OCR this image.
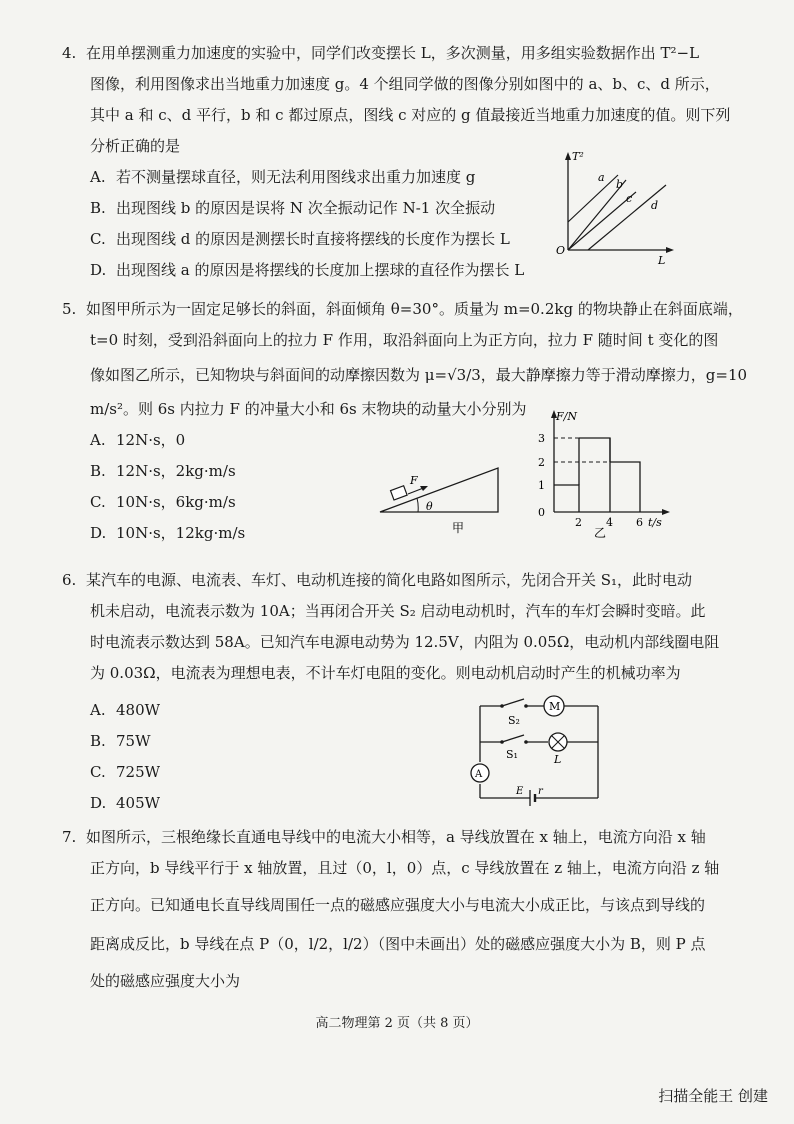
4. 在用单摆测重力加速度的实验中，同学们改变摆长 L，多次测量，用多组实验数据作出 T²−L
图像，利用图像求出当地重力加速度 g。4 个组同学做的图像分别如图中的 a、b、c、d 所示，
其中 a 和 c、d 平行，b 和 c 都过原点，图线 c 对应的 g 值最接近当地重力加速度的值。则下列
分析正确的是
A. 若不测量摆球直径，则无法利用图线求出重力加速度 g
B. 出现图线 b 的原因是误将 N 次全振动记作 N-1 次全振动
C. 出现图线 d 的原因是测摆长时直接将摆线的长度作为摆长 L
D. 出现图线 a 的原因是将摆线的长度加上摆球的直径作为摆长 L
T²
L
O
a
b
c
d
5. 如图甲所示为一固定足够长的斜面，斜面倾角 θ=30°。质量为 m=0.2kg 的物块静止在斜面底端，
t=0 时刻，受到沿斜面向上的拉力 F 作用，取沿斜面向上为正方向，拉力 F 随时间 t 变化的图
像如图乙所示，已知物块与斜面间的动摩擦因数为 μ=√3/3，最大静摩擦力等于滑动摩擦力，g=10
m/s²。则 6s 内拉力 F 的冲量大小和 6s 末物块的动量大小分别为
A. 12N·s，0
B. 12N·s，2kg·m/s
C. 10N·s，6kg·m/s
D. 10N·s，12kg·m/s
F
θ
甲
3
2
1
0
2 4 6
F/N
t/s
乙
6. 某汽车的电源、电流表、车灯、电动机连接的简化电路如图所示，先闭合开关 S₁，此时电动
机未启动，电流表示数为 10A；当再闭合开关 S₂ 启动电动机时，汽车的车灯会瞬时变暗。此
时电流表示数达到 58A。已知汽车电源电动势为 12.5V，内阻为 0.05Ω，电动机内部线圈电阻
为 0.03Ω，电流表为理想电表，不计车灯电阻的变化。则电动机启动时产生的机械功率为
A. 480W
B. 75W
C. 725W
D. 405W
M
S₂
S₁	L
A
E r
7. 如图所示，三根绝缘长直通电导线中的电流大小相等，a 导线放置在 x 轴上，电流方向沿 x 轴
正方向，b 导线平行于 x 轴放置，且过（0，l，0）点，c 导线放置在 z 轴上，电流方向沿 z 轴
正方向。已知通电长直导线周围任一点的磁感应强度大小与电流大小成正比，与该点到导线的
距离成反比，b 导线在点 P（0，l/2，l/2）（图中未画出）处的磁感应强度大小为 B，则 P 点
处的磁感应强度大小为
高二物理第 2 页（共 8 页）
扫描全能王 创建
